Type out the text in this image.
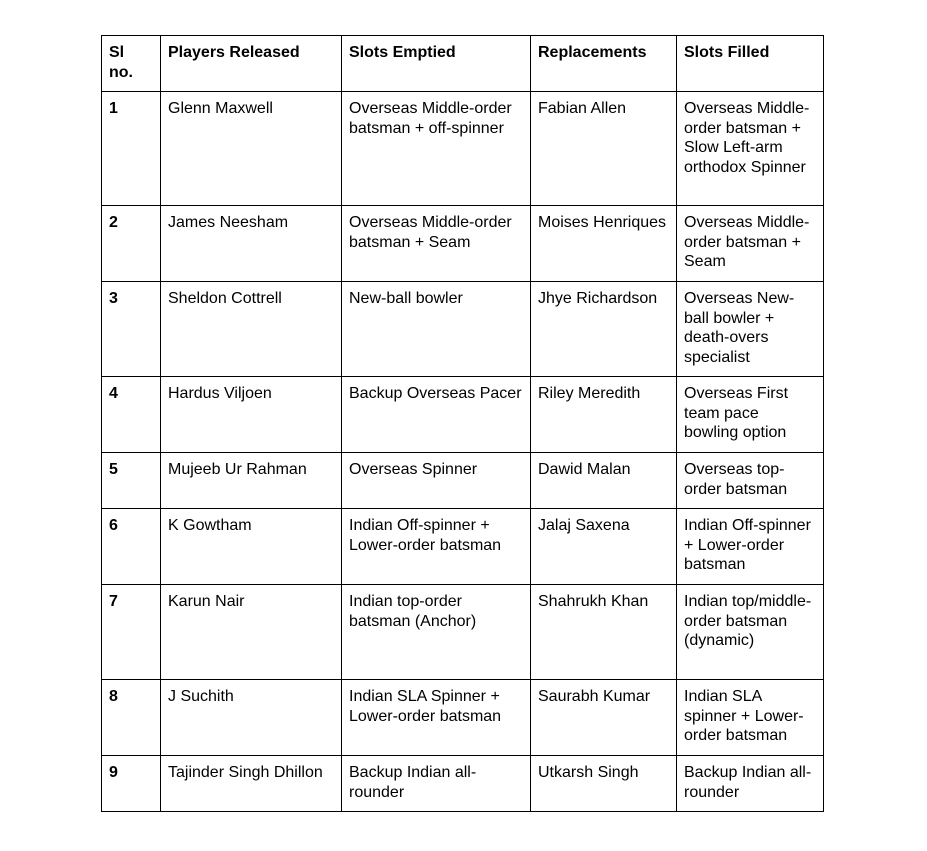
Sl
no.	Players Released	Slots Emptied	Replacements	Slots Filled
1	Glenn Maxwell	Overseas Middle-order batsman + off-spinner	Fabian Allen	Overseas Middle-order batsman + Slow Left-arm orthodox Spinner
2	James Neesham	Overseas Middle-order batsman + Seam	Moises Henriques	Overseas Middle-order batsman + Seam
3	Sheldon Cottrell	New-ball bowler	Jhye Richardson	Overseas New-ball bowler + death-overs specialist
4	Hardus Viljoen	Backup Overseas Pacer	Riley Meredith	Overseas First team pace bowling option
5	Mujeeb Ur Rahman	Overseas Spinner	Dawid Malan	Overseas top-order batsman
6	K Gowtham	Indian Off-spinner + Lower-order batsman	Jalaj Saxena	Indian Off-spinner + Lower-order batsman
7	Karun Nair	Indian top-order batsman (Anchor)	Shahrukh Khan	Indian top/middle-order batsman (dynamic)
8	J Suchith	Indian SLA Spinner + Lower-order batsman	Saurabh Kumar	Indian SLA spinner + Lower-order batsman
9	Tajinder Singh Dhillon	Backup Indian all-rounder	Utkarsh Singh	Backup Indian all-rounder
